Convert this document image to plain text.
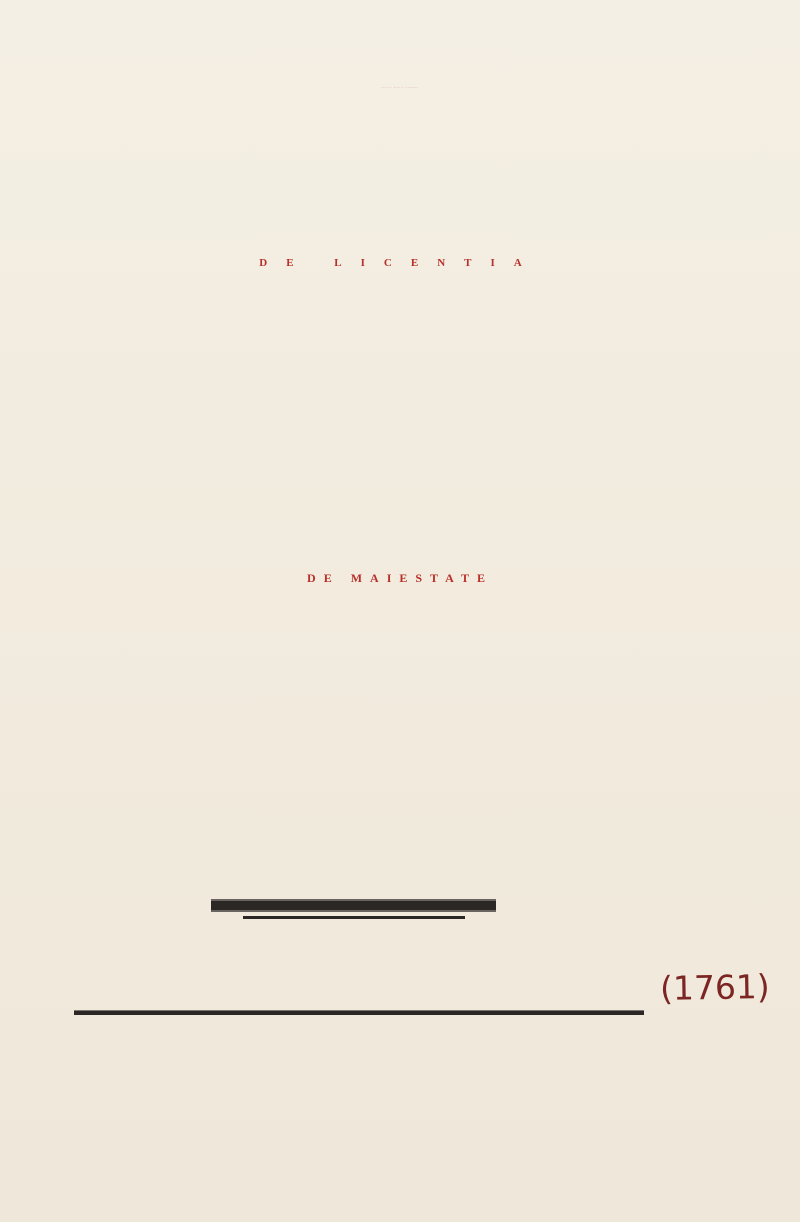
IOANNIS MARIAE LAMPREDI
DE LICENTIA
DE MAIESTATE
(1761)
